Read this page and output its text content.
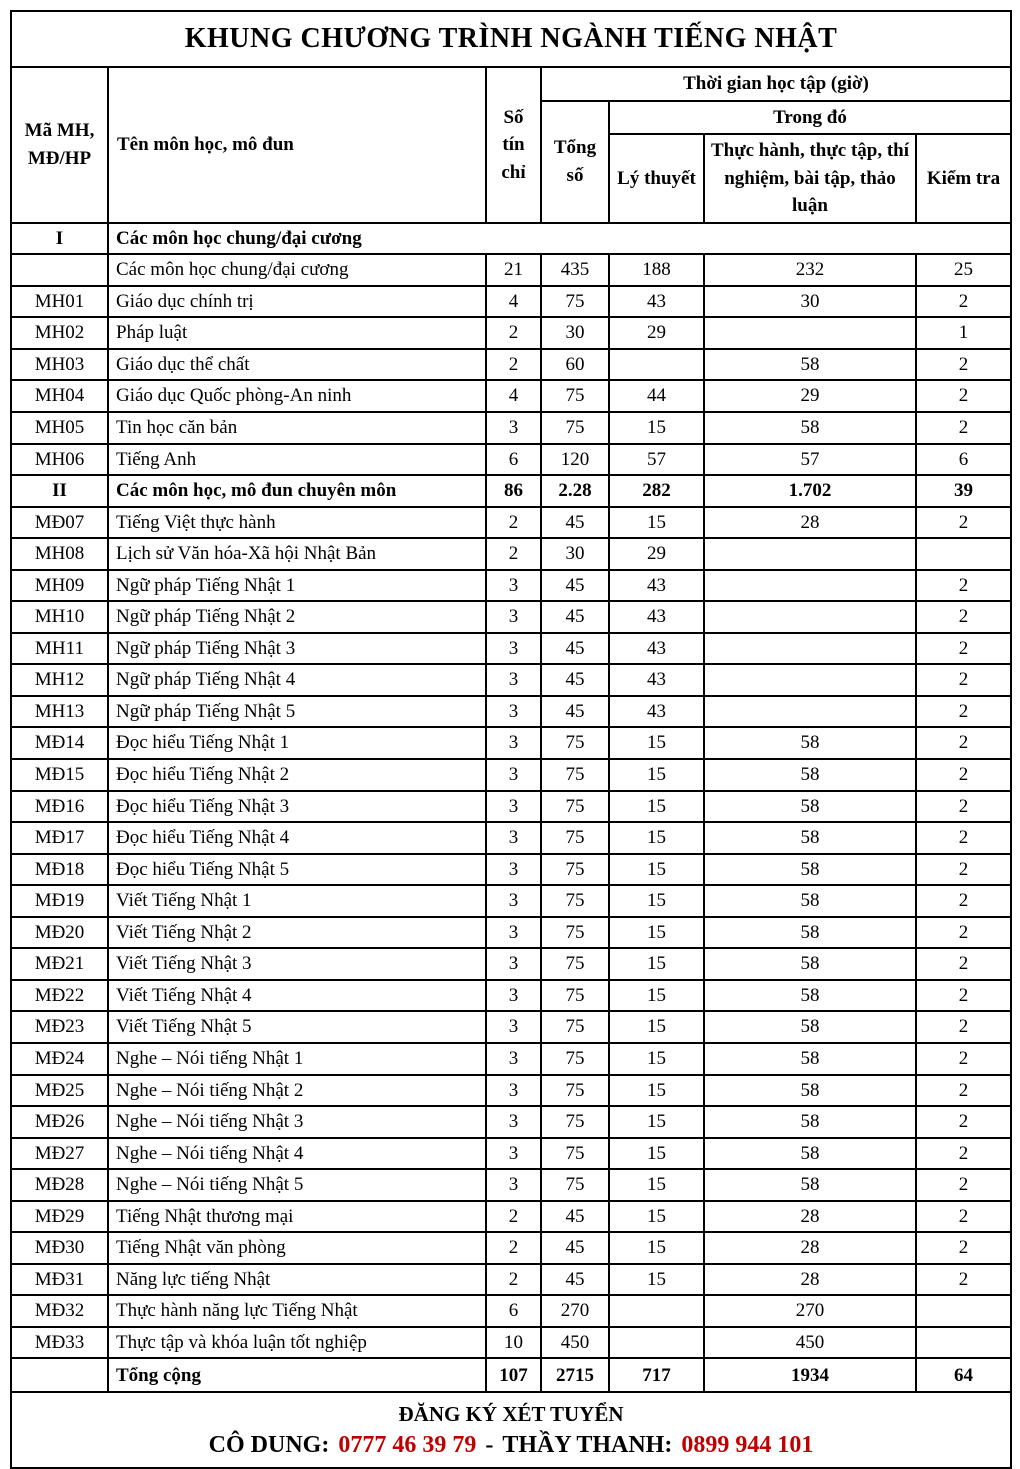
KHUNG CHƯƠNG TRÌNH NGÀNH TIẾNG NHẬT						
Mã MH, MĐ/HP	Tên môn học, mô đun	Số tín chỉ	Thời gian học tập (giờ)			
			Tổng số	Trong đó		
				Lý thuyết	Thực hành, thực tập, thí nghiệm, bài tập, thảo luận	Kiểm tra
I	Các môn học chung/đại cương					
	Các môn học chung/đại cương	21	435	188	232	25
MH01	Giáo dục chính trị	4	75	43	30	2
MH02	Pháp luật	2	30	29		1
MH03	Giáo dục thể chất	2	60		58	2
MH04	Giáo dục Quốc phòng-An ninh	4	75	44	29	2
MH05	Tin học căn bản	3	75	15	58	2
MH06	Tiếng Anh	6	120	57	57	6
II	Các môn học, mô đun chuyên môn	86	2.28	282	1.702	39
MĐ07	Tiếng Việt thực hành	2	45	15	28	2
MH08	Lịch sử Văn hóa-Xã hội Nhật Bản	2	30	29		
MH09	Ngữ pháp Tiếng Nhật 1	3	45	43		2
MH10	Ngữ pháp Tiếng Nhật 2	3	45	43		2
MH11	Ngữ pháp Tiếng Nhật 3	3	45	43		2
MH12	Ngữ pháp Tiếng Nhật 4	3	45	43		2
MH13	Ngữ pháp Tiếng Nhật 5	3	45	43		2
MĐ14	Đọc hiểu Tiếng Nhật 1	3	75	15	58	2
MĐ15	Đọc hiểu Tiếng Nhật 2	3	75	15	58	2
MĐ16	Đọc hiểu Tiếng Nhật 3	3	75	15	58	2
MĐ17	Đọc hiểu Tiếng Nhật 4	3	75	15	58	2
MĐ18	Đọc hiểu Tiếng Nhật 5	3	75	15	58	2
MĐ19	Viết Tiếng Nhật 1	3	75	15	58	2
MĐ20	Viết Tiếng Nhật 2	3	75	15	58	2
MĐ21	Viết Tiếng Nhật 3	3	75	15	58	2
MĐ22	Viết Tiếng Nhật 4	3	75	15	58	2
MĐ23	Viết Tiếng Nhật 5	3	75	15	58	2
MĐ24	Nghe – Nói tiếng Nhật 1	3	75	15	58	2
MĐ25	Nghe – Nói tiếng Nhật 2	3	75	15	58	2
MĐ26	Nghe – Nói tiếng Nhật 3	3	75	15	58	2
MĐ27	Nghe – Nói tiếng Nhật 4	3	75	15	58	2
MĐ28	Nghe – Nói tiếng Nhật 5	3	75	15	58	2
MĐ29	Tiếng Nhật thương mại	2	45	15	28	2
MĐ30	Tiếng Nhật văn phòng	2	45	15	28	2
MĐ31	Năng lực tiếng Nhật	2	45	15	28	2
MĐ32	Thực hành năng lực Tiếng Nhật	6	270		270	
MĐ33	Thực tập và khóa luận tốt nghiệp	10	450		450	
	Tổng cộng	107	2715	717	1934	64

ĐĂNG KÝ XÉT TUYỂN
CÔ DUNG: 0777 46 39 79 - THẦY THANH: 0899 944 101
